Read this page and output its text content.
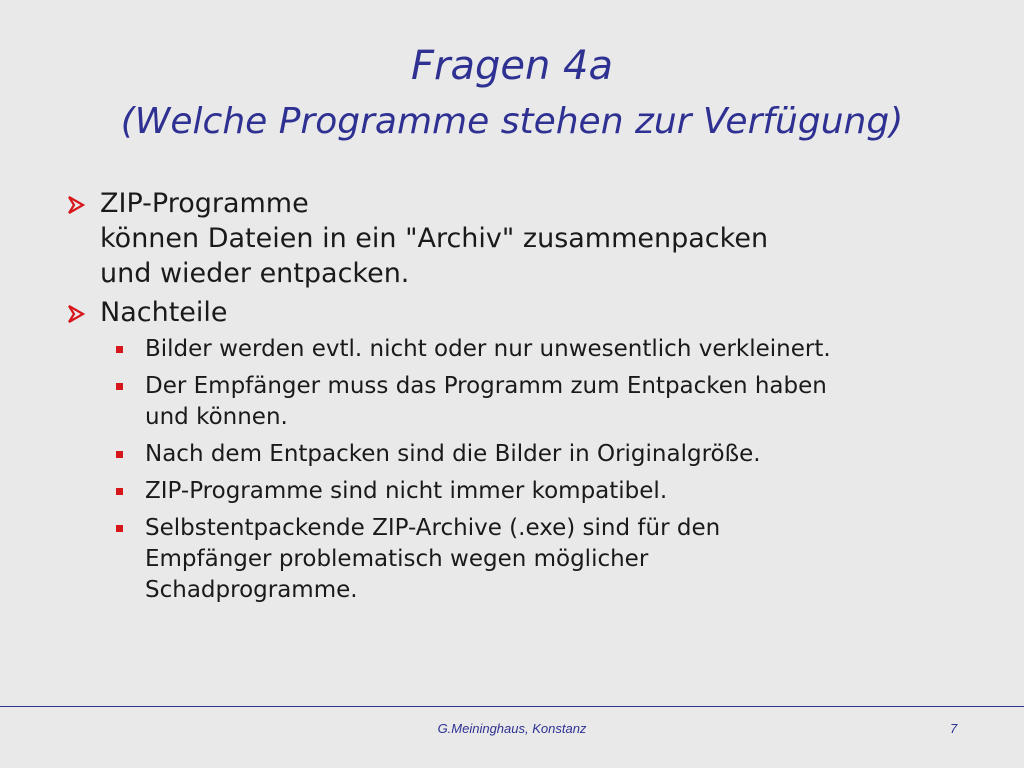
Fragen 4a
(Welche Programme stehen zur Verfügung)
ZIP-Programme
können Dateien in ein "Archiv" zusammenpacken
und wieder entpacken.
Nachteile
Bilder werden evtl. nicht oder nur unwesentlich verkleinert.
Der Empfänger muss das Programm zum Entpacken haben
und können.
Nach dem Entpacken sind die Bilder in Originalgröße.
ZIP-Programme sind nicht immer kompatibel.
Selbstentpackende ZIP-Archive (.exe) sind für den
Empfänger problematisch wegen möglicher
Schadprogramme.
G.Meininghaus, Konstanz	7
